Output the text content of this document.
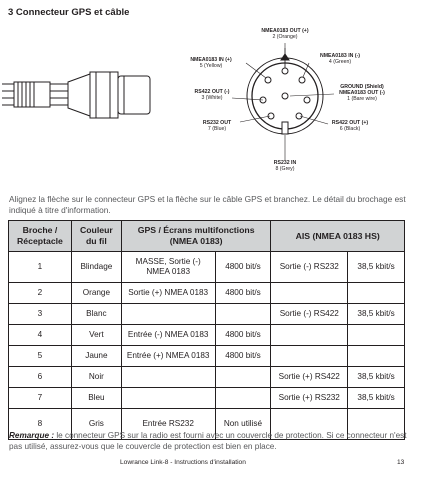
3 Connecteur GPS et câble
NMEA0183 OUT (+)
2 (Orange)
NMEA0183 IN (-)
4 (Green)
NMEA0183 IN (+)
5 (Yellow)
GROUND (Shield)
NMEA0183 OUT (-)
1 (Bare wire)
RS422 OUT (-)
3 (White)
RS232 OUT
7 (Blue)
RS422 OUT (+)
6 (Black)
RS232 IN
8 (Grey)
Alignez la flèche sur le connecteur GPS et la flèche sur le câble GPS et branchez. Le détail du brochage est indiqué à titre d'information.
Broche / Réceptacle	Couleur du fil	GPS / Écrans multifonctions (NMEA 0183)		AIS (NMEA 0183 HS)	
1	Blindage	MASSE, Sortie (-) NMEA 0183	4800 bit/s	Sortie (-) RS232	38,5 kbit/s
2	Orange	Sortie (+) NMEA 0183	4800 bit/s		
3	Blanc			Sortie (-) RS422	38,5 kbit/s
4	Vert	Entrée (-) NMEA 0183	4800 bit/s		
5	Jaune	Entrée (+) NMEA 0183	4800 bit/s		
6	Noir			Sortie (+) RS422	38,5 kbit/s
7	Bleu			Sortie (+) RS232	38,5 kbit/s
8	Gris	Entrée RS232	Non utilisé		
Remarque : le connecteur GPS sur la radio est fourni avec un couvercle de protection. Si ce connecteur n'est pas utilisé, assurez-vous que le couvercle de protection est bien en place.
Lowrance Link-8 - Instructions d'installation	13
